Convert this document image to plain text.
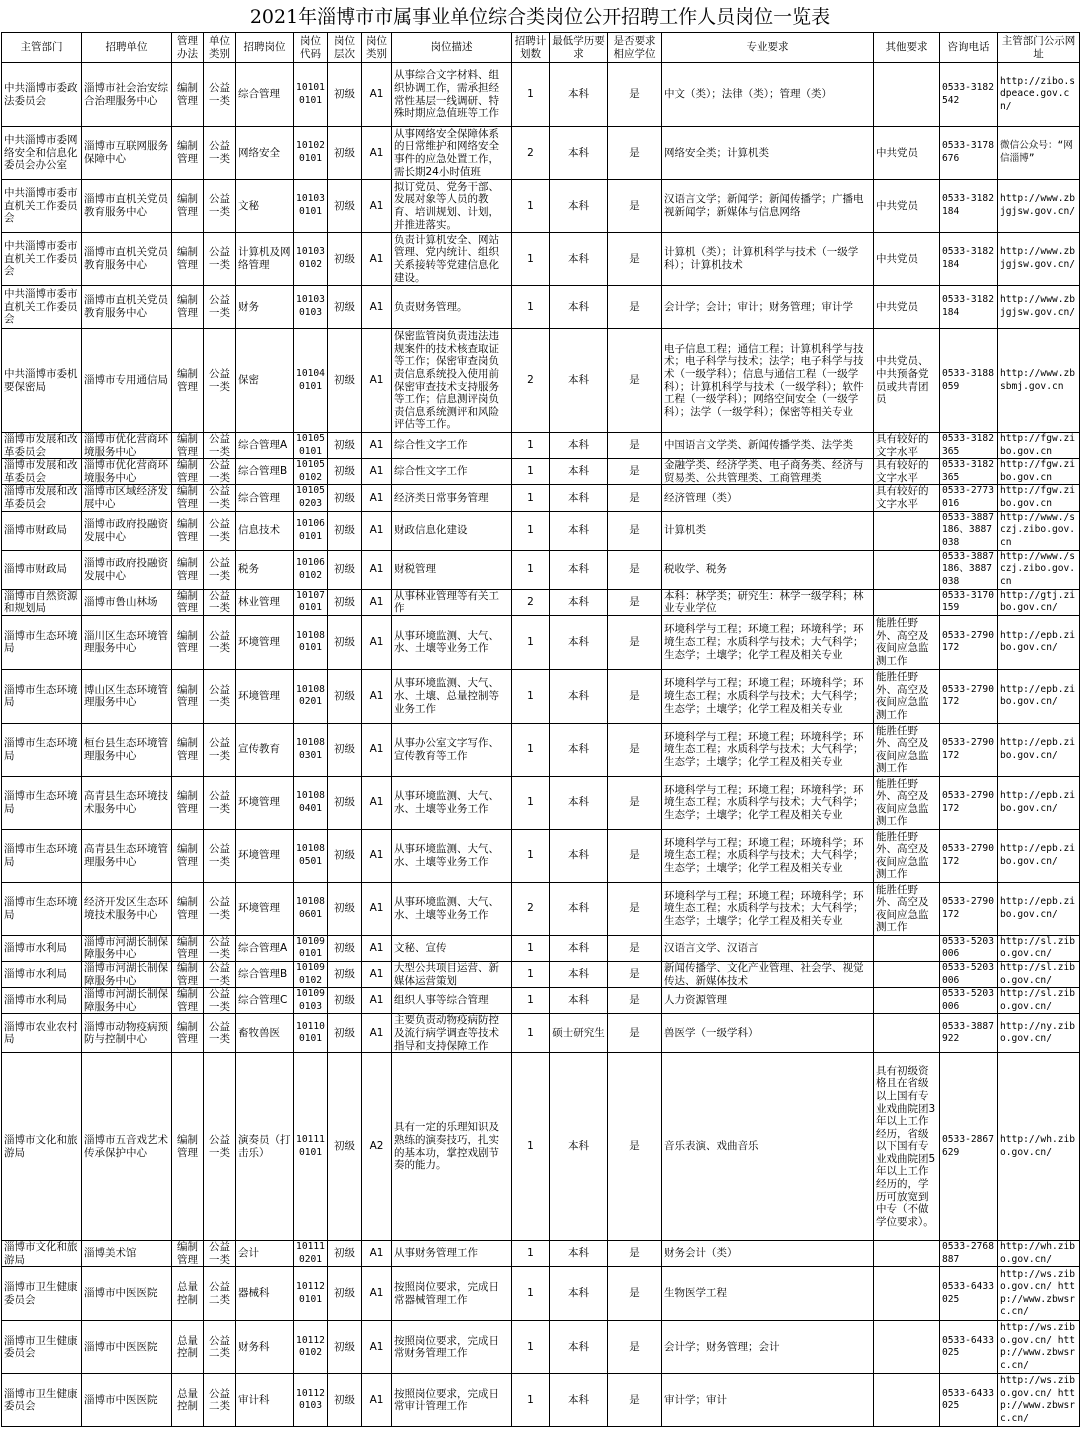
2021年淄博市市属事业单位综合类岗位公开招聘工作人员岗位一览表
主管部门	招聘单位	管理办法	单位类别	招聘岗位	岗位代码	岗位层次	岗位类别	岗位描述	招聘计划数	最低学历要求	是否要求相应学位	专业要求	其他要求	咨询电话	主管部门公示网址
中共淄博市委政法委员会	淄博市社会治安综合治理服务中心	编制管理	公益一类	综合管理	101010101	初级	A1	从事综合文字材料、组织协调工作，需承担经常性基层一线调研、特殊时期应急值班等工作	1	本科	是	中文（类）；法律（类）；管理（类）		0533-3182542	http://zibo.sdpeace.gov.cn/
中共淄博市委网络安全和信息化委员会办公室	淄博市互联网服务保障中心	编制管理	公益一类	网络安全	101020101	初级	A1	从事网络安全保障体系的日常维护和网络安全事件的应急处置工作，需长期24小时值班	2	本科	是	网络安全类；计算机类	中共党员	0533-3178676	微信公众号：“网信淄博”
中共淄博市委市直机关工作委员会	淄博市直机关党员教育服务中心	编制管理	公益一类	文秘	101030101	初级	A1	拟订党员、党务干部、发展对象等人员的教育、培训规划、计划，并推进落实。	1	本科	是	汉语言文学；新闻学；新闻传播学；广播电视新闻学；新媒体与信息网络	中共党员	0533-3182184	http://www.zbjgjsw.gov.cn/
中共淄博市委市直机关工作委员会	淄博市直机关党员教育服务中心	编制管理	公益一类	计算机及网络管理	101030102	初级	A1	负责计算机安全、网站管理、党内统计、组织关系接转等党建信息化建设。	1	本科	是	计算机（类）；计算机科学与技术（一级学科）；计算机技术	中共党员	0533-3182184	http://www.zbjgjsw.gov.cn/
中共淄博市委市直机关工作委员会	淄博市直机关党员教育服务中心	编制管理	公益一类	财务	101030103	初级	A1	负责财务管理。	1	本科	是	会计学；会计；审计；财务管理；审计学	中共党员	0533-3182184	http://www.zbjgjsw.gov.cn/
中共淄博市委机要保密局	淄博市专用通信局	编制管理	公益一类	保密	101040101	初级	A1	保密监管岗负责违法违规案件的技术核查取证等工作；保密审查岗负责信息系统投入使用前保密审查技术支持服务等工作；信息测评岗负责信息系统测评和风险评估等工作。	2	本科	是	电子信息工程；通信工程；计算机科学与技术；电子科学与技术；法学；电子科学与技术（一级学科）；信息与通信工程（一级学科）；计算机科学与技术（一级学科）；软件工程（一级学科）；网络空间安全（一级学科）；法学（一级学科）；保密等相关专业	中共党员、中共预备党员或共青团员	0533-3188059	http://www.zbsbmj.gov.cn
淄博市发展和改革委员会	淄博市优化营商环境服务中心	编制管理	公益一类	综合管理A	101050101	初级	A1	综合性文字工作	1	本科	是	中国语言文学类、新闻传播学类、法学类	具有较好的文字水平	0533-3182365	http://fgw.zibo.gov.cn
淄博市发展和改革委员会	淄博市优化营商环境服务中心	编制管理	公益一类	综合管理B	101050102	初级	A1	综合性文字工作	1	本科	是	金融学类、经济学类、电子商务类、经济与贸易类、公共管理类、工商管理类	具有较好的文字水平	0533-3182365	http://fgw.zibo.gov.cn
淄博市发展和改革委员会	淄博市区域经济发展中心	编制管理	公益一类	综合管理	101050203	初级	A1	经济类日常事务管理	1	本科	是	经济管理（类）	具有较好的文字水平	0533-2773016	http://fgw.zibo.gov.cn
淄博市财政局	淄博市政府投融资发展中心	编制管理	公益一类	信息技术	101060101	初级	A1	财政信息化建设	1	本科	是	计算机类		0533-3887186、3887038	http://www./sczj.zibo.gov.cn
淄博市财政局	淄博市政府投融资发展中心	编制管理	公益一类	税务	101060102	初级	A1	财税管理	1	本科	是	税收学、税务		0533-3887186、3887038	http://www./sczj.zibo.gov.cn
淄博市自然资源和规划局	淄博市鲁山林场	编制管理	公益一类	林业管理	101070101	初级	A1	从事林业管理等有关工作	2	本科	是	本科：林学类；研究生：林学一级学科；林业专业学位		0533-3170159	http://gtj.zibo.gov.cn/
淄博市生态环境局	淄川区生态环境管理服务中心	编制管理	公益一类	环境管理	101080101	初级	A1	从事环境监测、大气、水、土壤等业务工作	1	本科	是	环境科学与工程；环境工程；环境科学；环境生态工程；水质科学与技术；大气科学；生态学；土壤学；化学工程及相关专业	能胜任野外、高空及夜间应急监测工作	0533-2790172	http://epb.zibo.gov.cn/
淄博市生态环境局	博山区生态环境管理服务中心	编制管理	公益一类	环境管理	101080201	初级	A1	从事环境监测、大气、水、土壤、总量控制等业务工作	1	本科	是	环境科学与工程；环境工程；环境科学；环境生态工程；水质科学与技术；大气科学；生态学；土壤学；化学工程及相关专业	能胜任野外、高空及夜间应急监测工作	0533-2790172	http://epb.zibo.gov.cn/
淄博市生态环境局	桓台县生态环境管理服务中心	编制管理	公益一类	宣传教育	101080301	初级	A1	从事办公室文字写作、宣传教育等工作	1	本科	是	环境科学与工程；环境工程；环境科学；环境生态工程；水质科学与技术；大气科学；生态学；土壤学；化学工程及相关专业	能胜任野外、高空及夜间应急监测工作	0533-2790172	http://epb.zibo.gov.cn/
淄博市生态环境局	高青县生态环境技术服务中心	编制管理	公益一类	环境管理	101080401	初级	A1	从事环境监测、大气、水、土壤等业务工作	1	本科	是	环境科学与工程；环境工程；环境科学；环境生态工程；水质科学与技术；大气科学；生态学；土壤学；化学工程及相关专业	能胜任野外、高空及夜间应急监测工作	0533-2790172	http://epb.zibo.gov.cn/
淄博市生态环境局	高青县生态环境管理服务中心	编制管理	公益一类	环境管理	101080501	初级	A1	从事环境监测、大气、水、土壤等业务工作	1	本科	是	环境科学与工程；环境工程；环境科学；环境生态工程；水质科学与技术；大气科学；生态学；土壤学；化学工程及相关专业	能胜任野外、高空及夜间应急监测工作	0533-2790172	http://epb.zibo.gov.cn/
淄博市生态环境局	经济开发区生态环境技术服务中心	编制管理	公益一类	环境管理	101080601	初级	A1	从事环境监测、大气、水、土壤等业务工作	2	本科	是	环境科学与工程；环境工程；环境科学；环境生态工程；水质科学与技术；大气科学；生态学；土壤学；化学工程及相关专业	能胜任野外、高空及夜间应急监测工作	0533-2790172	http://epb.zibo.gov.cn/
淄博市水利局	淄博市河湖长制保障服务中心	编制管理	公益一类	综合管理A	101090101	初级	A1	文秘、宣传	1	本科	是	汉语言文学、汉语言		0533-5203006	http://sl.zibo.gov.cn/
淄博市水利局	淄博市河湖长制保障服务中心	编制管理	公益一类	综合管理B	101090102	初级	A1	大型公共项目运营、新媒体运营策划	1	本科	是	新闻传播学、文化产业管理、社会学、视觉传达、新媒体技术		0533-5203006	http://sl.zibo.gov.cn/
淄博市水利局	淄博市河湖长制保障服务中心	编制管理	公益一类	综合管理C	101090103	初级	A1	组织人事等综合管理	1	本科	是	人力资源管理		0533-5203006	http://sl.zibo.gov.cn/
淄博市农业农村局	淄博市动物疫病预防与控制中心	编制管理	公益一类	畜牧兽医	101100101	初级	A1	主要负责动物疫病防控及流行病学调查等技术指导和支持保障工作	1	硕士研究生	是	兽医学（一级学科）		0533-3887922	http://ny.zibo.gov.cn/
淄博市文化和旅游局	淄博市五音戏艺术传承保护中心	编制管理	公益一类	演奏员（打击乐）	101110101	初级	A2	具有一定的乐理知识及熟练的演奏技巧，扎实的基本功，掌控戏剧节奏的能力。	1	本科	是	音乐表演、戏曲音乐	具有初级资格且在省级以上国有专业戏曲院团3年以上工作经历，省级以下国有专业戏曲院团5年以上工作经历的，学历可放宽到中专（不做学位要求）。	0533-2867629	http://wh.zibo.gov.cn/
淄博市文化和旅游局	淄博美术馆	编制管理	公益一类	会计	101110201	初级	A1	从事财务管理工作	1	本科	是	财务会计（类）		0533-2768887	http://wh.zibo.gov.cn/
淄博市卫生健康委员会	淄博市中医医院	总量控制	公益二类	器械科	101120101	初级	A1	按照岗位要求，完成日常器械管理工作	1	本科	是	生物医学工程		0533-6433025	http://ws.zibo.gov.cn/ http://www.zbwsrc.cn/
淄博市卫生健康委员会	淄博市中医医院	总量控制	公益二类	财务科	101120102	初级	A1	按照岗位要求，完成日常财务管理工作	1	本科	是	会计学；财务管理；会计		0533-6433025	http://ws.zibo.gov.cn/ http://www.zbwsrc.cn/
淄博市卫生健康委员会	淄博市中医医院	总量控制	公益二类	审计科	101120103	初级	A1	按照岗位要求，完成日常审计管理工作	1	本科	是	审计学；审计		0533-6433025	http://ws.zibo.gov.cn/ http://www.zbwsrc.cn/
